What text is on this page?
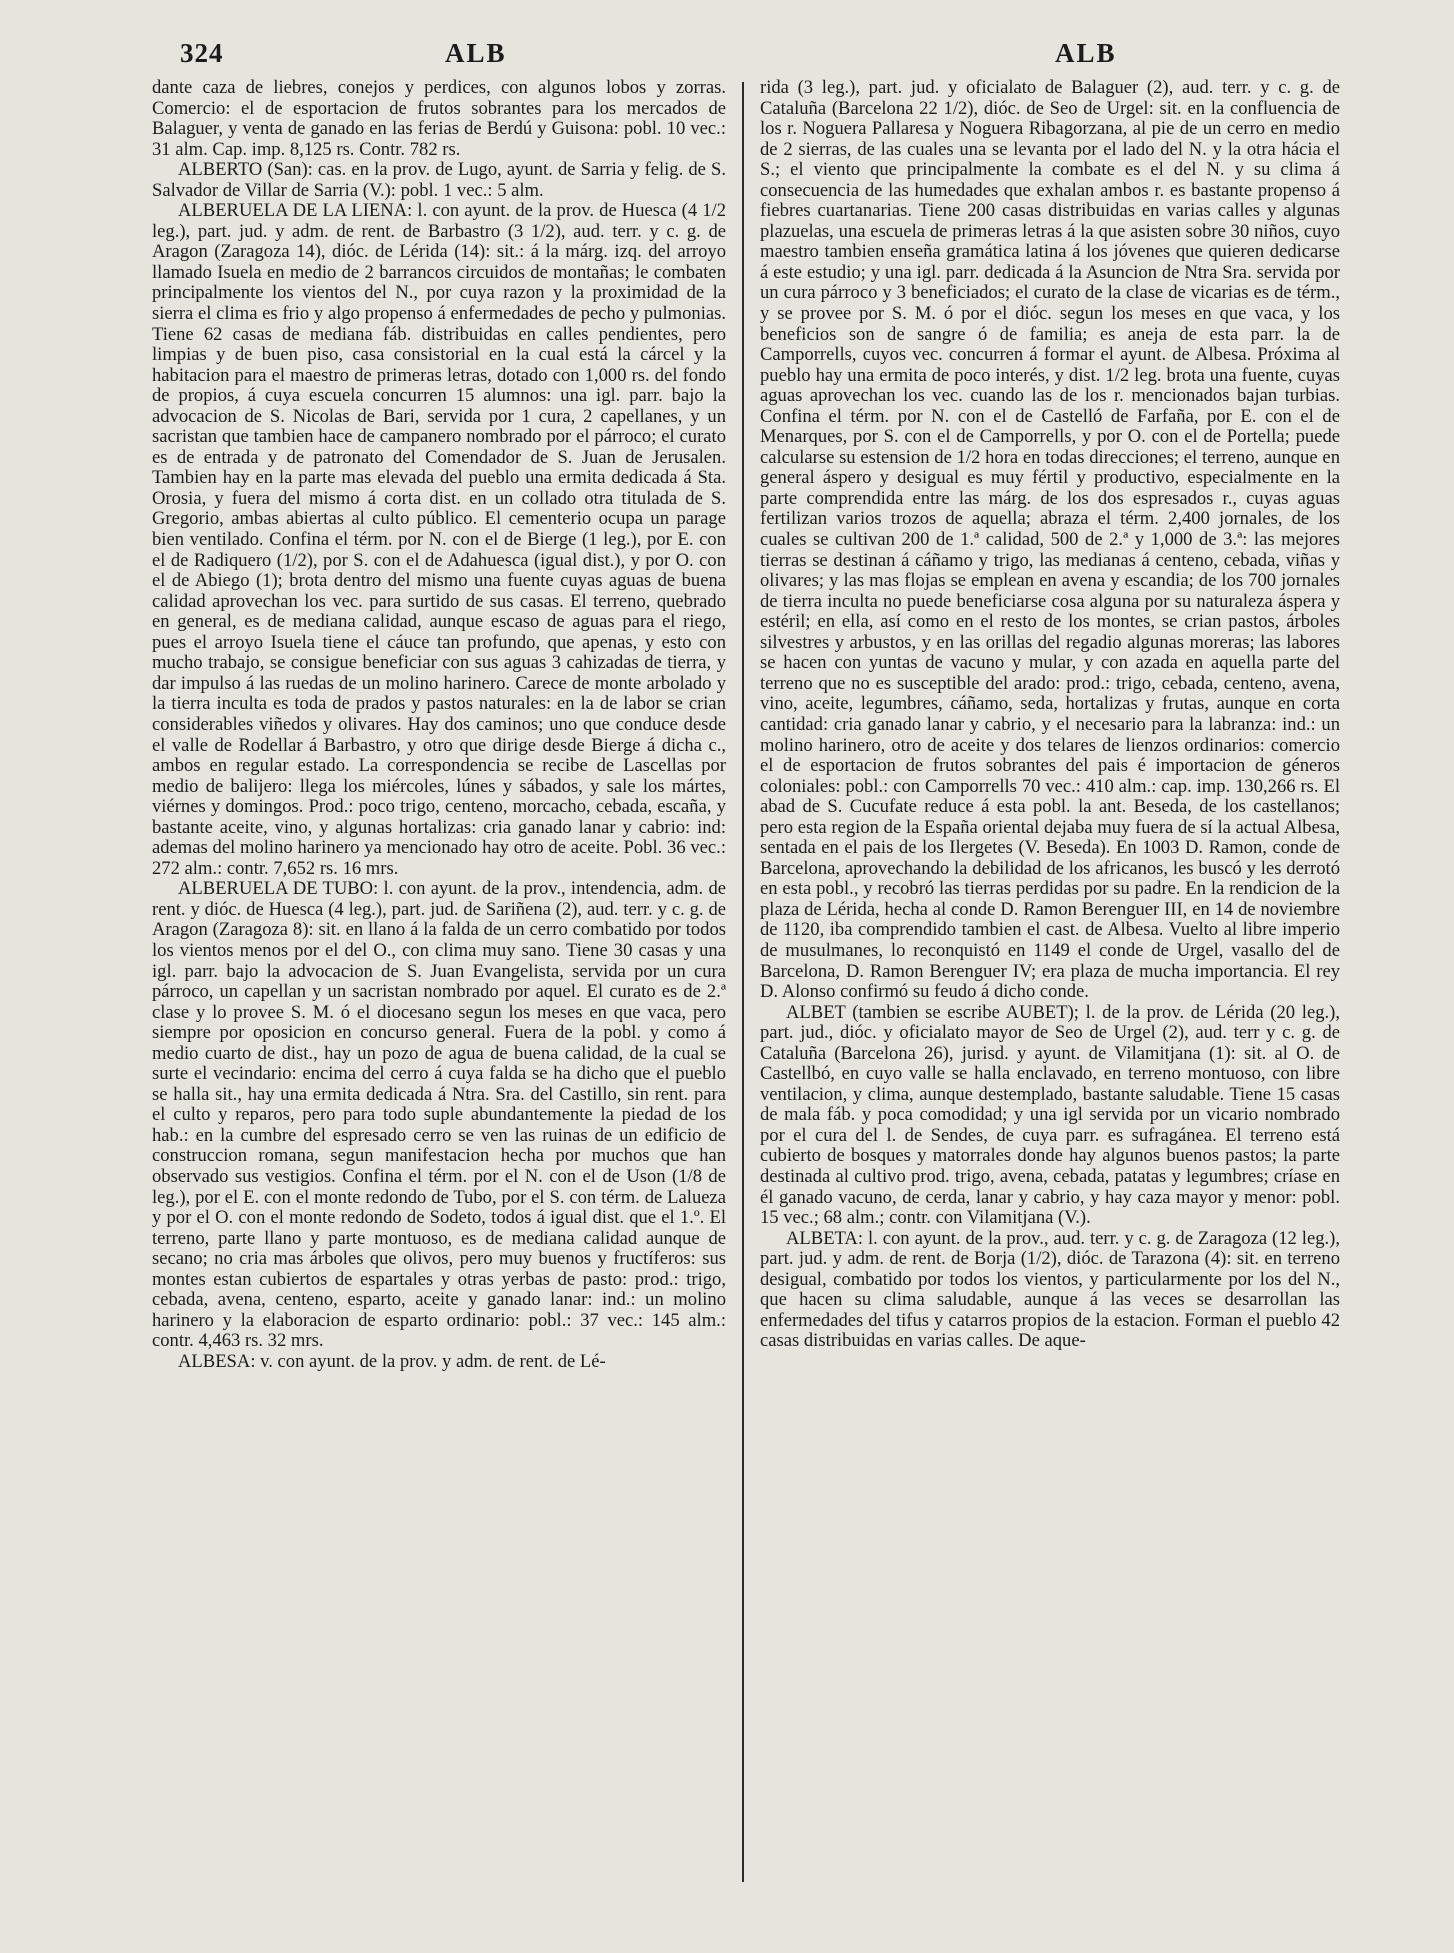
324	ALB	ALB

dante caza de liebres, conejos y perdices, con algunos lobos y zorras. Comercio: el de esportacion de frutos sobrantes para los mercados de Balaguer, y venta de ganado en las ferias de Berdú y Guisona: pobl. 10 vec.: 31 alm. Cap. imp. 8,125 rs. Contr. 782 rs.

ALBERTO (San): cas. en la prov. de Lugo, ayunt. de Sarria y felig. de S. Salvador de Villar de Sarria (V.): pobl. 1 vec.: 5 alm.

ALBERUELA DE LA LIENA: l. con ayunt. de la prov. de Huesca (4 1/2 leg.), part. jud. y adm. de rent. de Barbastro (3 1/2), aud. terr. y c. g. de Aragon (Zaragoza 14), dióc. de Lérida (14): sit.: á la márg. izq. del arroyo llamado Isuela en medio de 2 barrancos circuidos de montañas; le combaten principalmente los vientos del N., por cuya razon y la proximidad de la sierra el clima es frio y algo propenso á enfermedades de pecho y pulmonias. Tiene 62 casas de mediana fáb. distribuidas en calles pendientes, pero limpias y de buen piso, casa consistorial en la cual está la cárcel y la habitacion para el maestro de primeras letras, dotado con 1,000 rs. del fondo de propios, á cuya escuela concurren 15 alumnos: una igl. parr. bajo la advocacion de S. Nicolas de Bari, servida por 1 cura, 2 capellanes, y un sacristan que tambien hace de campanero nombrado por el párroco; el curato es de entrada y de patronato del Comendador de S. Juan de Jerusalen. Tambien hay en la parte mas elevada del pueblo una ermita dedicada á Sta. Orosia, y fuera del mismo á corta dist. en un collado otra titulada de S. Gregorio, ambas abiertas al culto público. El cementerio ocupa un parage bien ventilado. Confina el térm. por N. con el de Bierge (1 leg.), por E. con el de Radiquero (1/2), por S. con el de Adahuesca (igual dist.), y por O. con el de Abiego (1); brota dentro del mismo una fuente cuyas aguas de buena calidad aprovechan los vec. para surtido de sus casas. El terreno, quebrado en general, es de mediana calidad, aunque escaso de aguas para el riego, pues el arroyo Isuela tiene el cáuce tan profundo, que apenas, y esto con mucho trabajo, se consigue beneficiar con sus aguas 3 cahizadas de tierra, y dar impulso á las ruedas de un molino harinero. Carece de monte arbolado y la tierra inculta es toda de prados y pastos naturales: en la de labor se crian considerables viñedos y olivares. Hay dos caminos; uno que conduce desde el valle de Rodellar á Barbastro, y otro que dirige desde Bierge á dicha c., ambos en regular estado. La correspondencia se recibe de Lascellas por medio de balijero: llega los miércoles, lúnes y sábados, y sale los mártes, viérnes y domingos. Prod.: poco trigo, centeno, morcacho, cebada, escaña, y bastante aceite, vino, y algunas hortalizas: cria ganado lanar y cabrio: ind: ademas del molino harinero ya mencionado hay otro de aceite. Pobl. 36 vec.: 272 alm.: contr. 7,652 rs. 16 mrs.

ALBERUELA DE TUBO: l. con ayunt. de la prov., intendencia, adm. de rent. y dióc. de Huesca (4 leg.), part. jud. de Sariñena (2), aud. terr. y c. g. de Aragon (Zaragoza 8): sit. en llano á la falda de un cerro combatido por todos los vientos menos por el del O., con clima muy sano. Tiene 30 casas y una igl. parr. bajo la advocacion de S. Juan Evangelista, servida por un cura párroco, un capellan y un sacristan nombrado por aquel. El curato es de 2.ª clase y lo provee S. M. ó el diocesano segun los meses en que vaca, pero siempre por oposicion en concurso general. Fuera de la pobl. y como á medio cuarto de dist., hay un pozo de agua de buena calidad, de la cual se surte el vecindario: encima del cerro á cuya falda se ha dicho que el pueblo se halla sit., hay una ermita dedicada á Ntra. Sra. del Castillo, sin rent. para el culto y reparos, pero para todo suple abundantemente la piedad de los hab.: en la cumbre del espresado cerro se ven las ruinas de un edificio de construccion romana, segun manifestacion hecha por muchos que han observado sus vestigios. Confina el térm. por el N. con el de Uson (1/8 de leg.), por el E. con el monte redondo de Tubo, por el S. con térm. de Lalueza y por el O. con el monte redondo de Sodeto, todos á igual dist. que el 1.º. El terreno, parte llano y parte montuoso, es de mediana calidad aunque de secano; no cria mas árboles que olivos, pero muy buenos y fructíferos: sus montes estan cubiertos de espartales y otras yerbas de pasto: prod.: trigo, cebada, avena, centeno, esparto, aceite y ganado lanar: ind.: un molino harinero y la elaboracion de esparto ordinario: pobl.: 37 vec.: 145 alm.: contr. 4,463 rs. 32 mrs.

ALBESA: v. con ayunt. de la prov. y adm. de rent. de Lé-

rida (3 leg.), part. jud. y oficialato de Balaguer (2), aud. terr. y c. g. de Cataluña (Barcelona 22 1/2), dióc. de Seo de Urgel: sit. en la confluencia de los r. Noguera Pallaresa y Noguera Ribagorzana, al pie de un cerro en medio de 2 sierras, de las cuales una se levanta por el lado del N. y la otra hácia el S.; el viento que principalmente la combate es el del N. y su clima á consecuencia de las humedades que exhalan ambos r. es bastante propenso á fiebres cuartanarias. Tiene 200 casas distribuidas en varias calles y algunas plazuelas, una escuela de primeras letras á la que asisten sobre 30 niños, cuyo maestro tambien enseña gramática latina á los jóvenes que quieren dedicarse á este estudio; y una igl. parr. dedicada á la Asuncion de Ntra Sra. servida por un cura párroco y 3 beneficiados; el curato de la clase de vicarias es de térm., y se provee por S. M. ó por el dióc. segun los meses en que vaca, y los beneficios son de sangre ó de familia; es aneja de esta parr. la de Camporrells, cuyos vec. concurren á formar el ayunt. de Albesa. Próxima al pueblo hay una ermita de poco interés, y dist. 1/2 leg. brota una fuente, cuyas aguas aprovechan los vec. cuando las de los r. mencionados bajan turbias. Confina el térm. por N. con el de Castelló de Farfaña, por E. con el de Menarques, por S. con el de Camporrells, y por O. con el de Portella; puede calcularse su estension de 1/2 hora en todas direcciones; el terreno, aunque en general áspero y desigual es muy fértil y productivo, especialmente en la parte comprendida entre las márg. de los dos espresados r., cuyas aguas fertilizan varios trozos de aquella; abraza el térm. 2,400 jornales, de los cuales se cultivan 200 de 1.ª calidad, 500 de 2.ª y 1,000 de 3.ª: las mejores tierras se destinan á cáñamo y trigo, las medianas á centeno, cebada, viñas y olivares; y las mas flojas se emplean en avena y escandia; de los 700 jornales de tierra inculta no puede beneficiarse cosa alguna por su naturaleza áspera y estéril; en ella, así como en el resto de los montes, se crian pastos, árboles silvestres y arbustos, y en las orillas del regadio algunas moreras; las labores se hacen con yuntas de vacuno y mular, y con azada en aquella parte del terreno que no es susceptible del arado: prod.: trigo, cebada, centeno, avena, vino, aceite, legumbres, cáñamo, seda, hortalizas y frutas, aunque en corta cantidad: cria ganado lanar y cabrio, y el necesario para la labranza: ind.: un molino harinero, otro de aceite y dos telares de lienzos ordinarios: comercio el de esportacion de frutos sobrantes del pais é importacion de géneros coloniales: pobl.: con Camporrells 70 vec.: 410 alm.: cap. imp. 130,266 rs. El abad de S. Cucufate reduce á esta pobl. la ant. Beseda, de los castellanos; pero esta region de la España oriental dejaba muy fuera de sí la actual Albesa, sentada en el pais de los Ilergetes (V. Beseda). En 1003 D. Ramon, conde de Barcelona, aprovechando la debilidad de los africanos, les buscó y les derrotó en esta pobl., y recobró las tierras perdidas por su padre. En la rendicion de la plaza de Lérida, hecha al conde D. Ramon Berenguer III, en 14 de noviembre de 1120, iba comprendido tambien el cast. de Albesa. Vuelto al libre imperio de musulmanes, lo reconquistó en 1149 el conde de Urgel, vasallo del de Barcelona, D. Ramon Berenguer IV; era plaza de mucha importancia. El rey D. Alonso confirmó su feudo á dicho conde.

ALBET (tambien se escribe AUBET); l. de la prov. de Lérida (20 leg.), part. jud., dióc. y oficialato mayor de Seo de Urgel (2), aud. terr y c. g. de Cataluña (Barcelona 26), jurisd. y ayunt. de Vilamitjana (1): sit. al O. de Castellbó, en cuyo valle se halla enclavado, en terreno montuoso, con libre ventilacion, y clima, aunque destemplado, bastante saludable. Tiene 15 casas de mala fáb. y poca comodidad; y una igl servida por un vicario nombrado por el cura del l. de Sendes, de cuya parr. es sufragánea. El terreno está cubierto de bosques y matorrales donde hay algunos buenos pastos; la parte destinada al cultivo prod. trigo, avena, cebada, patatas y legumbres; críase en él ganado vacuno, de cerda, lanar y cabrio, y hay caza mayor y menor: pobl. 15 vec.; 68 alm.; contr. con Vilamitjana (V.).

ALBETA: l. con ayunt. de la prov., aud. terr. y c. g. de Zaragoza (12 leg.), part. jud. y adm. de rent. de Borja (1/2), dióc. de Tarazona (4): sit. en terreno desigual, combatido por todos los vientos, y particularmente por los del N., que hacen su clima saludable, aunque á las veces se desarrollan las enfermedades del tifus y catarros propios de la estacion. Forman el pueblo 42 casas distribuidas en varias calles. De aque-
